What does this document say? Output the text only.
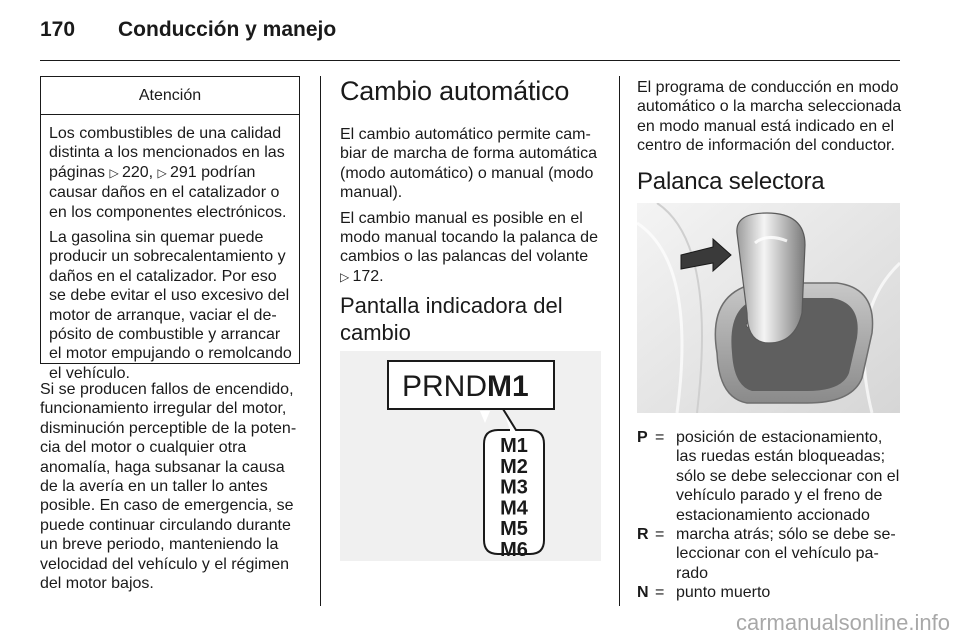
170 Conducción y manejo
Atención

Los combustibles de una calidad distinta a los mencionados en las páginas ▷  220, ▷  291 podrían causar daños en el catalizador o en los componentes electrónicos.

La gasolina sin quemar puede producir un sobrecalentamiento y daños en el catalizador. Por eso se debe evitar el uso excesivo del motor de arranque, vaciar el depósito de combustible y arrancar el motor empujando o remolcando el vehículo.

Si se producen fallos de encendido, funcionamiento irregular del motor, disminución perceptible de la potencia del motor o cualquier otra anomalía, haga subsanar la causa de la avería en un taller lo antes posible. En caso de emergencia, se puede continuar circulando durante un breve periodo, manteniendo la velocidad del vehículo y el régimen del motor bajos.
Cambio automático

El cambio automático permite cambiar de marcha de forma automática (modo automático) o manual (modo manual).

El cambio manual es posible en el modo manual tocando la palanca de cambios o las palancas del volante ▷  172.

Pantalla indicadora del cambio
PRNDM1
M1
M2
M3
M4
M5
M6
El programa de conducción en modo automático o la marcha seleccionada en modo manual está indicado en el centro de información del conductor.
Palanca selectora
P = posición de estacionamiento, las ruedas están bloqueadas; sólo se debe seleccionar con el vehículo parado y el freno de estacionamiento accionado
R = marcha atrás; sólo se debe seleccionar con el vehículo parado
N = punto muerto
carmanualsonline.info
